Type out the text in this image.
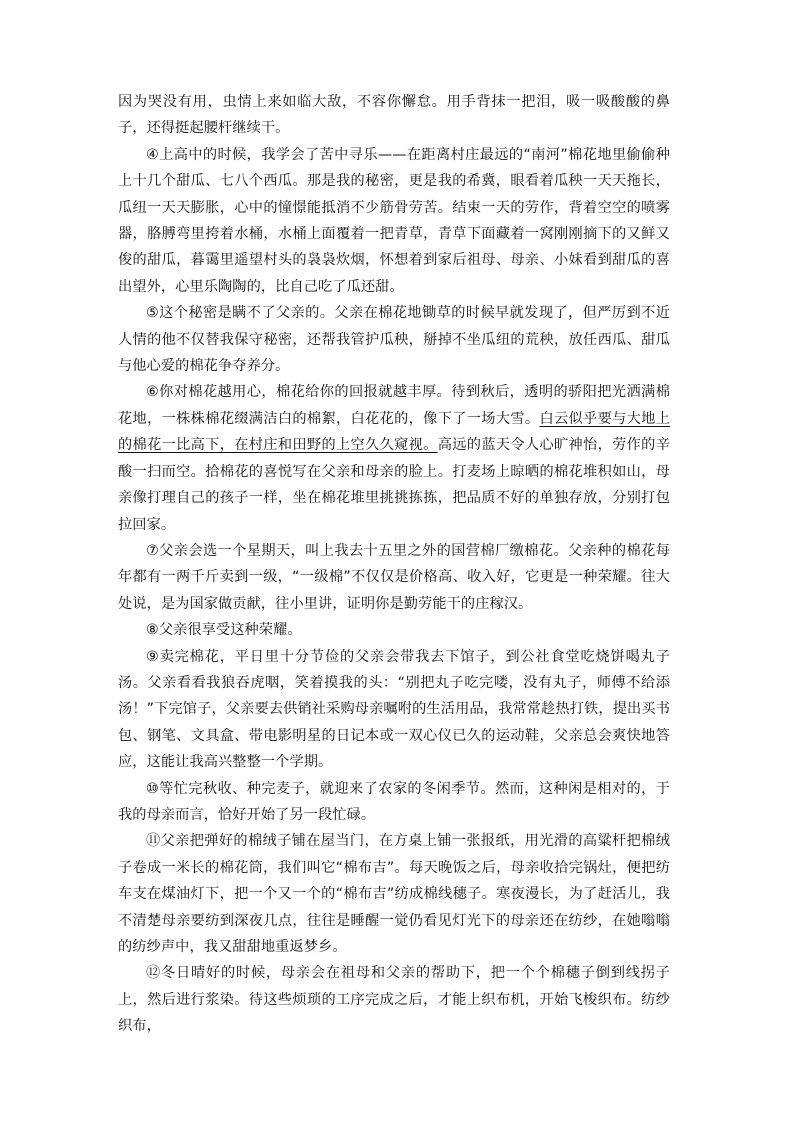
因为哭没有用，虫情上来如临大敌，不容你懈怠。用手背抹一把泪，吸一吸酸酸的鼻子，还得挺起腰杆继续干。

④上高中的时候，我学会了苦中寻乐——在距离村庄最远的“南河”棉花地里偷偷种上十几个甜瓜、七八个西瓜。那是我的秘密，更是我的希冀，眼看着瓜秧一天天拖长，瓜纽一天天膨胀，心中的憧憬能抵消不少筋骨劳苦。结束一天的劳作，背着空空的喷雾器，胳膊弯里挎着水桶，水桶上面覆着一把青草，青草下面藏着一窝刚刚摘下的又鲜又俊的甜瓜，暮霭里遥望村头的袅袅炊烟，怀想着到家后祖母、母亲、小妹看到甜瓜的喜出望外，心里乐陶陶的，比自己吃了瓜还甜。

⑤这个秘密是瞒不了父亲的。父亲在棉花地锄草的时候早就发现了，但严厉到不近人情的他不仅替我保守秘密，还帮我管护瓜秧，掰掉不坐瓜纽的荒秧，放任西瓜、甜瓜与他心爱的棉花争夺养分。

⑥你对棉花越用心，棉花给你的回报就越丰厚。待到秋后，透明的骄阳把光洒满棉花地，一株株棉花缀满洁白的棉絮，白花花的，像下了一场大雪。白云似乎要与大地上的棉花一比高下，在村庄和田野的上空久久窥视。高远的蓝天令人心旷神怡，劳作的辛酸一扫而空。拾棉花的喜悦写在父亲和母亲的脸上。打麦场上晾晒的棉花堆积如山，母亲像打理自己的孩子一样，坐在棉花堆里挑挑拣拣，把品质不好的单独存放，分别打包拉回家。

⑦父亲会选一个星期天，叫上我去十五里之外的国营棉厂缴棉花。父亲种的棉花每年都有一两千斤卖到一级，“一级棉”不仅仅是价格高、收入好，它更是一种荣耀。往大处说，是为国家做贡献，往小里讲，证明你是勤劳能干的庄稼汉。

⑧父亲很享受这种荣耀。

⑨卖完棉花，平日里十分节俭的父亲会带我去下馆子，到公社食堂吃烧饼喝丸子汤。父亲看看我狼吞虎咽，笑着摸我的头：“别把丸子吃完喽，没有丸子，师傅不给添汤！”下完馆子，父亲要去供销社采购母亲嘱咐的生活用品，我常常趁热打铁，提出买书包、钢笔、文具盒、带电影明星的日记本或一双心仪已久的运动鞋，父亲总会爽快地答应，这能让我高兴整整一个学期。

⑩等忙完秋收、种完麦子，就迎来了农家的冬闲季节。然而，这种闲是相对的，于我的母亲而言，恰好开始了另一段忙碌。

⑪父亲把弹好的棉绒子铺在屋当门，在方桌上铺一张报纸，用光滑的高粱杆把棉绒子卷成一米长的棉花筒，我们叫它“棉布吉”。每天晚饭之后，母亲收拾完锅灶，便把纺车支在煤油灯下，把一个又一个的“棉布吉”纺成棉线穗子。寒夜漫长，为了赶活儿，我不清楚母亲要纺到深夜几点，往往是睡醒一觉仍看见灯光下的母亲还在纺纱，在她嗡嗡的纺纱声中，我又甜甜地重返梦乡。

⑫冬日晴好的时候，母亲会在祖母和父亲的帮助下，把一个个棉穗子倒到线拐子上，然后进行浆染。待这些烦琐的工序完成之后，才能上织布机，开始飞梭织布。纺纱织布，
